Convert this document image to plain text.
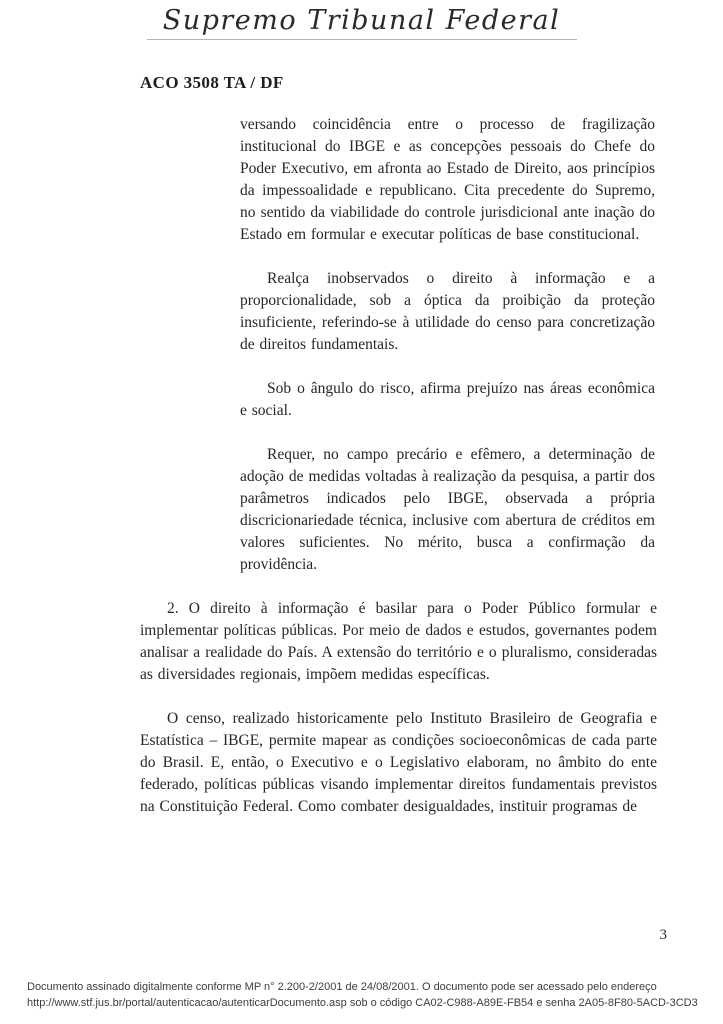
Supremo Tribunal Federal
ACO 3508 TA / DF

versando coincidência entre o processo de fragilização institucional do IBGE e as concepções pessoais do Chefe do Poder Executivo, em afronta ao Estado de Direito, aos princípios da impessoalidade e republicano. Cita precedente do Supremo, no sentido da viabilidade do controle jurisdicional ante inação do Estado em formular e executar políticas de base constitucional.

Realça inobservados o direito à informação e a proporcionalidade, sob a óptica da proibição da proteção insuficiente, referindo-se à utilidade do censo para concretização de direitos fundamentais.

Sob o ângulo do risco, afirma prejuízo nas áreas econômica e social.

Requer, no campo precário e efêmero, a determinação de adoção de medidas voltadas à realização da pesquisa, a partir dos parâmetros indicados pelo IBGE, observada a própria discricionariedade técnica, inclusive com abertura de créditos em valores suficientes. No mérito, busca a confirmação da providência.

2. O direito à informação é basilar para o Poder Público formular e implementar políticas públicas. Por meio de dados e estudos, governantes podem analisar a realidade do País. A extensão do território e o pluralismo, consideradas as diversidades regionais, impõem medidas específicas.

O censo, realizado historicamente pelo Instituto Brasileiro de Geografia e Estatística – IBGE, permite mapear as condições socioeconômicas de cada parte do Brasil. E, então, o Executivo e o Legislativo elaboram, no âmbito do ente federado, políticas públicas visando implementar direitos fundamentais previstos na Constituição Federal. Como combater desigualdades, instituir programas de

3
Documento assinado digitalmente conforme MP n° 2.200-2/2001 de 24/08/2001. O documento pode ser acessado pelo endereço
http://www.stf.jus.br/portal/autenticacao/autenticarDocumento.asp sob o código CA02-C988-A89E-FB54 e senha 2A05-8F80-5ACD-3CD3
